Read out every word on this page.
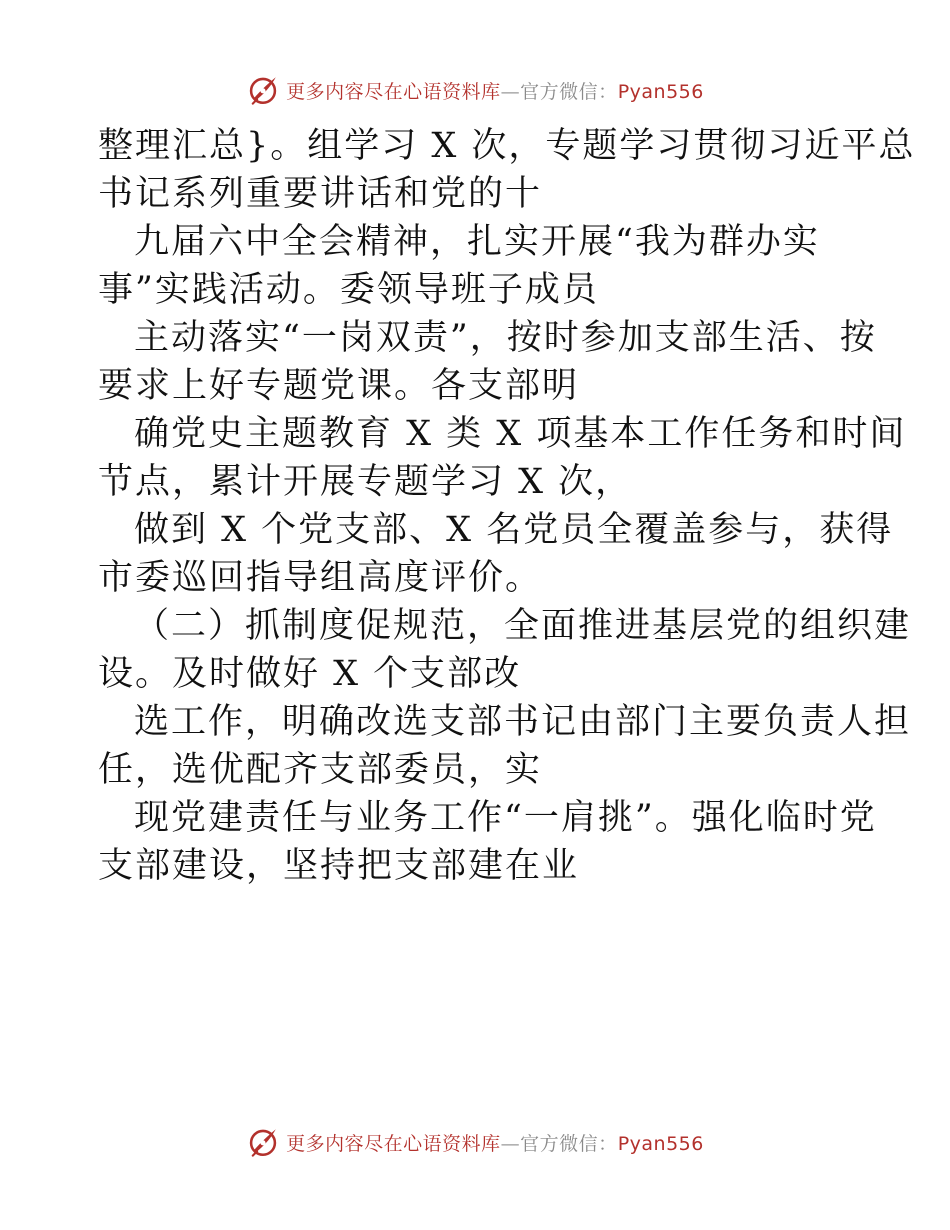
更多内容尽在心语资料库—官方微信：Pyan556
整理汇总}。组学习 X 次，专题学习贯彻习近平总
书记系列重要讲话和党的十
九届六中全会精神，扎实开展“我为群办实
事”实践活动。委领导班子成员
主动落实“一岗双责”，按时参加支部生活、按
要求上好专题党课。各支部明
确党史主题教育 X 类 X 项基本工作任务和时间
节点，累计开展专题学习 X 次，
做到 X 个党支部、X 名党员全覆盖参与，获得
市委巡回指导组高度评价。
（二）抓制度促规范，全面推进基层党的组织建
设。及时做好 X 个支部改
选工作，明确改选支部书记由部门主要负责人担
任，选优配齐支部委员，实
现党建责任与业务工作“一肩挑”。强化临时党
支部建设，坚持把支部建在业
更多内容尽在心语资料库—官方微信：Pyan556
